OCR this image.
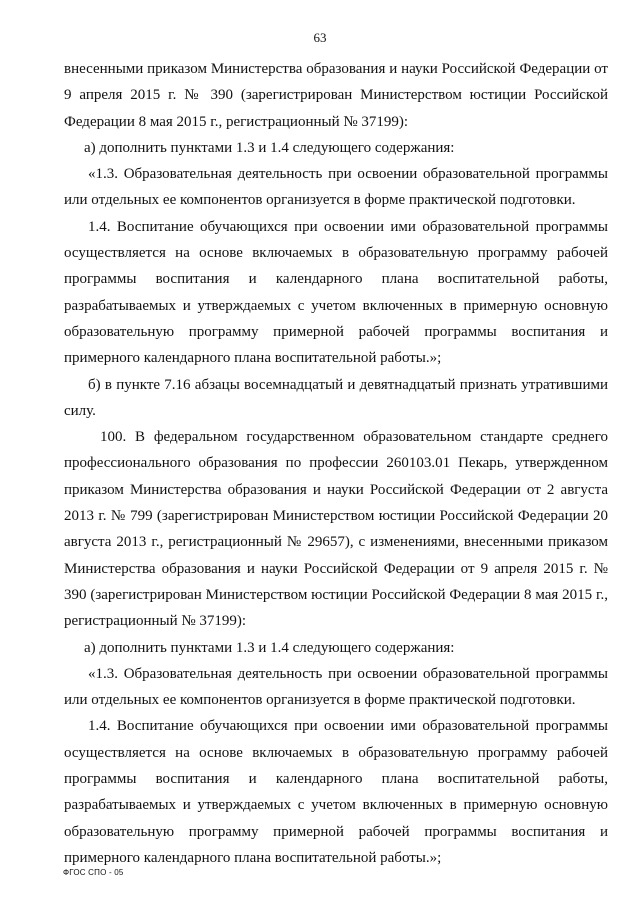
63

внесенными приказом Министерства образования и науки Российской Федерации от 9 апреля 2015 г. № 390 (зарегистрирован Министерством юстиции Российской Федерации 8 мая 2015 г., регистрационный № 37199):

а) дополнить пунктами 1.3 и 1.4 следующего содержания:

«1.3. Образовательная деятельность при освоении образовательной программы или отдельных ее компонентов организуется в форме практической подготовки.

1.4. Воспитание обучающихся при освоении ими образовательной программы осуществляется на основе включаемых в образовательную программу рабочей программы воспитания и календарного плана воспитательной работы, разрабатываемых и утверждаемых с учетом включенных в примерную основную образовательную программу примерной рабочей программы воспитания и примерного календарного плана воспитательной работы.»;

б) в пункте 7.16 абзацы восемнадцатый и девятнадцатый признать утратившими силу.

100. В федеральном государственном образовательном стандарте среднего профессионального образования по профессии 260103.01 Пекарь, утвержденном приказом Министерства образования и науки Российской Федерации от 2 августа 2013 г. № 799 (зарегистрирован Министерством юстиции Российской Федерации 20 августа 2013 г., регистрационный № 29657), с изменениями, внесенными приказом Министерства образования и науки Российской Федерации от 9 апреля 2015 г. № 390 (зарегистрирован Министерством юстиции Российской Федерации 8 мая 2015 г., регистрационный № 37199):

а) дополнить пунктами 1.3 и 1.4 следующего содержания:

«1.3. Образовательная деятельность при освоении образовательной программы или отдельных ее компонентов организуется в форме практической подготовки.

1.4. Воспитание обучающихся при освоении ими образовательной программы осуществляется на основе включаемых в образовательную программу рабочей программы воспитания и календарного плана воспитательной работы, разрабатываемых и утверждаемых с учетом включенных в примерную основную образовательную программу примерной рабочей программы воспитания и примерного календарного плана воспитательной работы.»;

ФГОС СПО - 05
